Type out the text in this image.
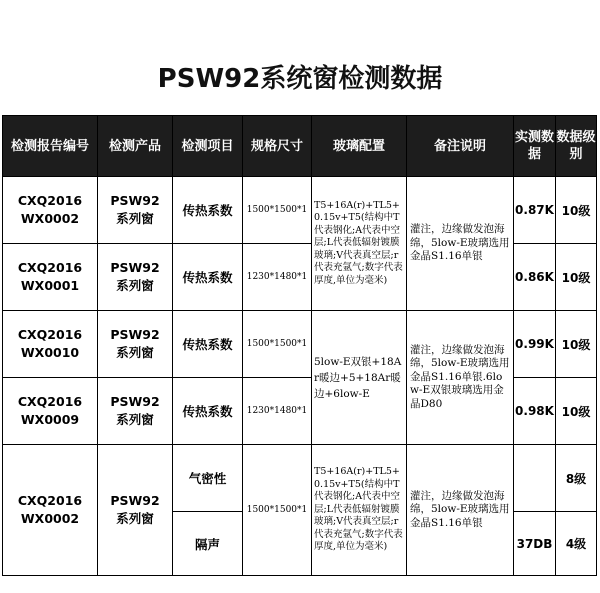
PSW92系统窗检测数据
检测报告编号	检测产品	检测项目	规格尺寸	玻璃配置	备注说明	实测数据	数据级别
CXQ2016
WX0002	PSW92
系列窗	传热系数	1500*1500*1	T5+16A(r)+TL5+0.15v+T5(结构中T代表钢化;A代表中空层;L代表低辐射镀膜玻璃;V代表真空层;r代表充氩气;数字代表厚度,单位为毫米)	灌注，边缘做发泡海绵，5low-E玻璃选用金晶S1.16单银	0.87K	10级
CXQ2016
WX0001	PSW92
系列窗	传热系数	1230*1480*1			0.86K	10级
CXQ2016
WX0010	PSW92
系列窗	传热系数	1500*1500*1	5low-E双银+18Ar暖边+5+18Ar暖边+6low-E	灌注，边缘做发泡海绵，5low-E玻璃选用金晶S1.16单银.6low-E双银玻璃选用金晶D80	0.99K	10级
CXQ2016
WX0009	PSW92
系列窗	传热系数	1230*1480*1			0.98K	10级
CXQ2016
WX0002	PSW92
系列窗	气密性	1500*1500*1	T5+16A(r)+TL5+0.15v+T5(结构中T代表钢化;A代表中空层;L代表低辐射镀膜玻璃;V代表真空层;r代表充氩气;数字代表厚度,单位为毫米)	灌注，边缘做发泡海绵，5low-E玻璃选用金晶S1.16单银		8级
		隔声				37DB	4级
